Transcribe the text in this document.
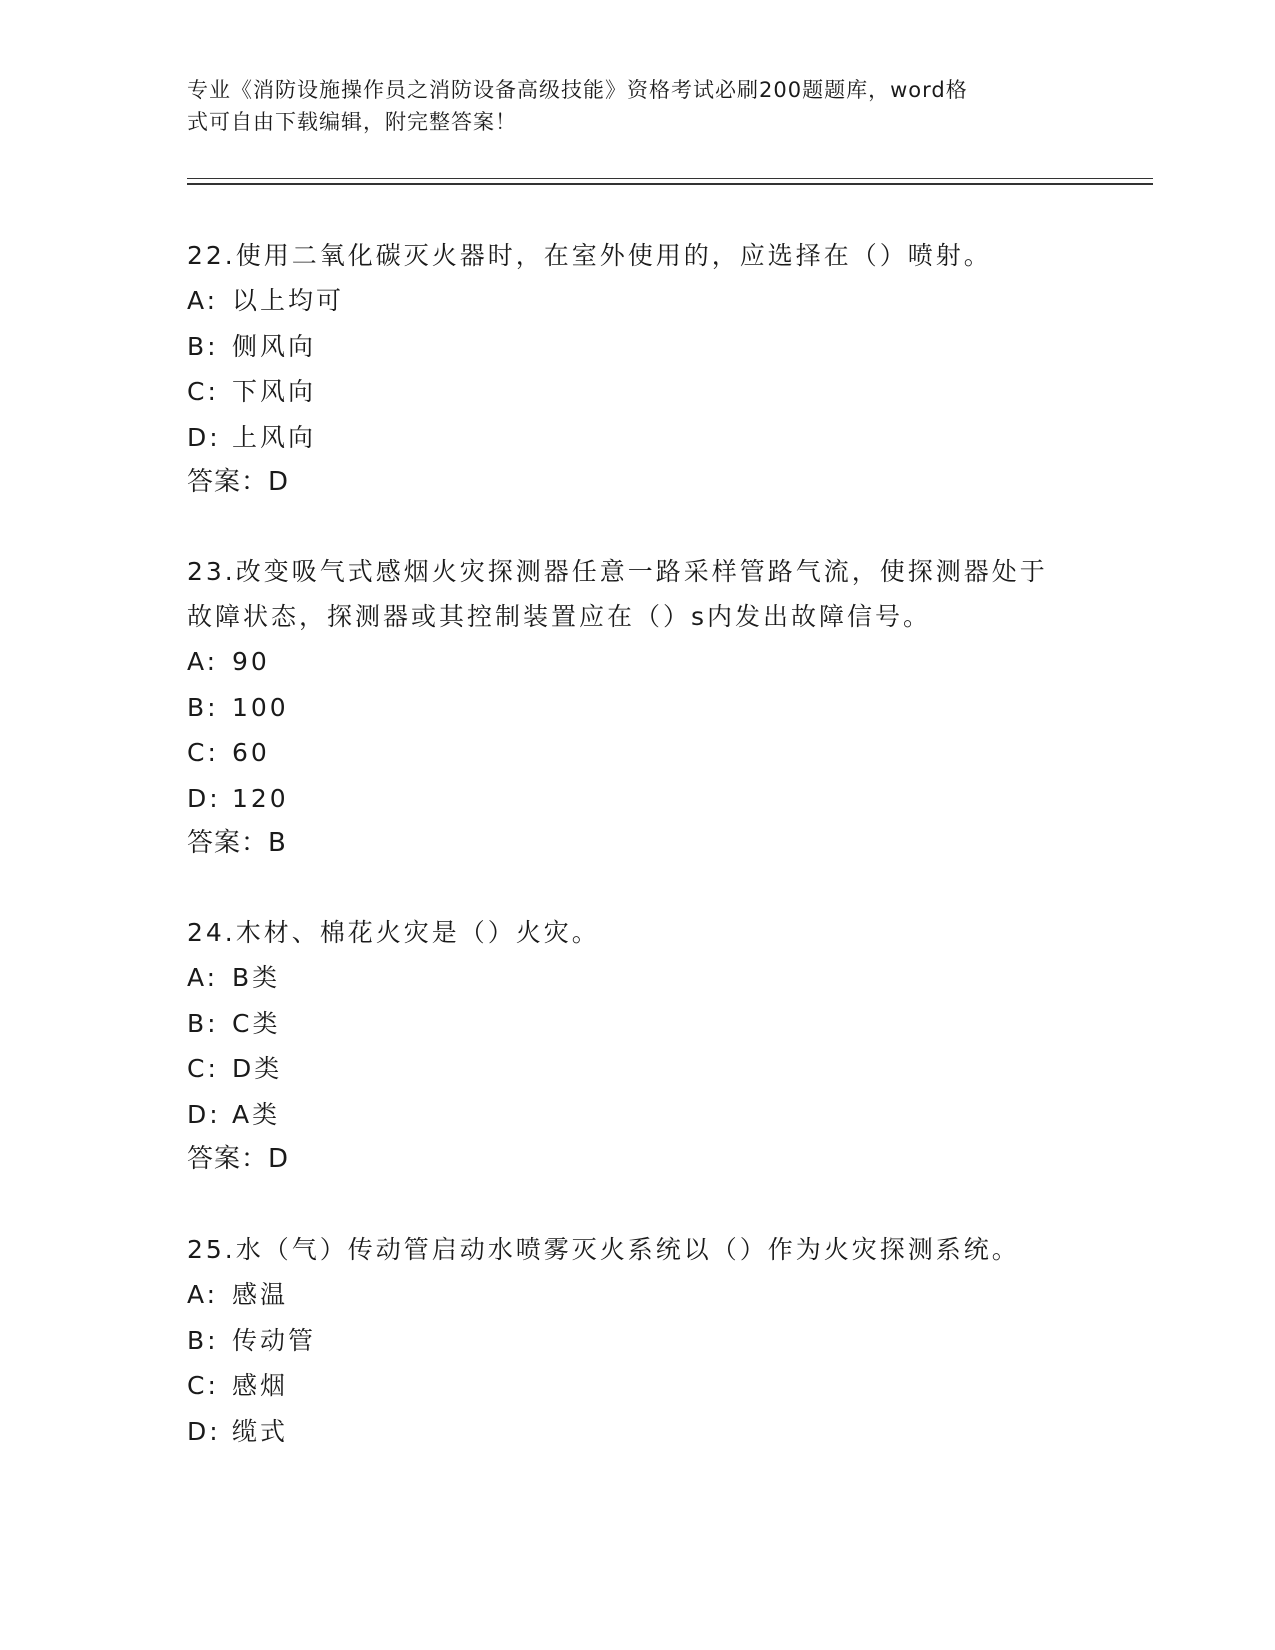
专业《消防设施操作员之消防设备高级技能》资格考试必刷200题题库，word格
式可自由下载编辑，附完整答案！

22.使用二氧化碳灭火器时，在室外使用的，应选择在（）喷射。

A: 以上均可
B: 侧风向
C: 下风向
D: 上风向

答案：D

23.改变吸气式感烟火灾探测器任意一路采样管路气流，使探测器处于
故障状态，探测器或其控制装置应在（）s内发出故障信号。

A: 90
B: 100
C: 60
D: 120

答案：B

24.木材、棉花火灾是（）火灾。

A: B类
B: C类
C: D类
D: A类

答案：D

25.水（气）传动管启动水喷雾灭火系统以（）作为火灾探测系统。

A: 感温
B: 传动管
C: 感烟
D: 缆式
